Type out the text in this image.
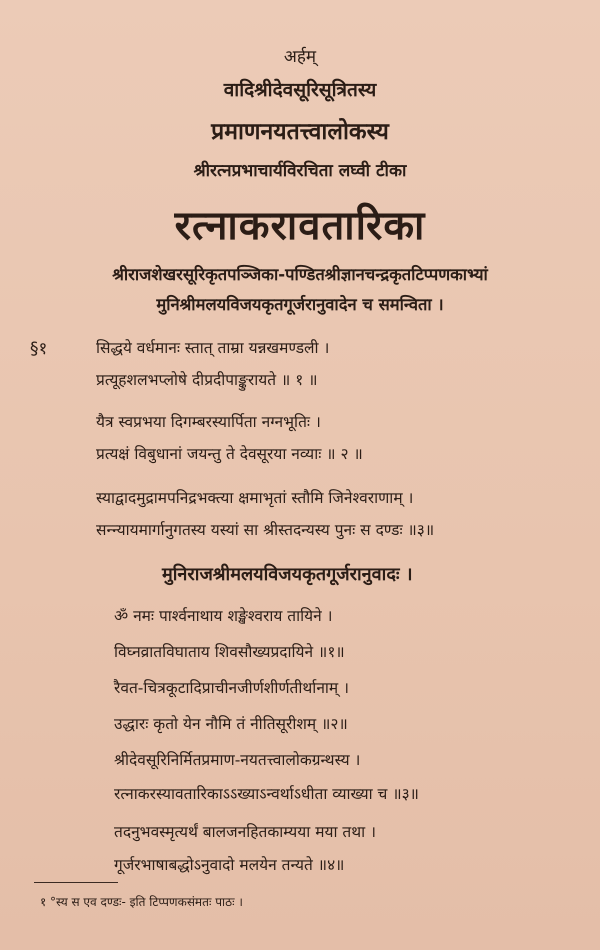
अर्हम्
वादिश्रीदेवसूरिसूत्रितस्य
प्रमाणनयतत्त्वालोकस्य
श्रीरत्नप्रभाचार्यविरचिता लघ्वी टीका
रत्नाकरावतारिका
श्रीराजशेखरसूरिकृतपञ्जिका-पण्डितश्रीज्ञानचन्द्रकृतटिप्पणकाभ्यां
मुनिश्रीमलयविजयकृतगूर्जरानुवादेन च समन्विता ।
§१	सिद्धये वर्धमानः स्तात् ताम्रा यन्नखमण्डली ।
प्रत्यूहशलभप्लोषे दीप्रदीपाङ्कुरायते ॥ १ ॥
यैत्र स्वप्रभया दिगम्बरस्यार्पिता नग्नभूतिः ।
प्रत्यक्षं विबुधानां जयन्तु ते देवसूरया नव्याः ॥ २ ॥
स्याद्वादमुद्रामपनिद्रभक्त्या क्षमाभृतां स्तौमि जिनेश्वराणाम् ।
सन्न्यायमार्गानुगतस्य यस्यां सा श्रीस्तदन्यस्य पुनः स दण्डः ॥३॥
मुनिराजश्रीमलयविजयकृतगूर्जरानुवादः ।
ॐ नमः पार्श्वनाथाय शङ्खेश्वराय तायिने ।
विघ्नव्रातविघाताय शिवसौख्यप्रदायिने ॥१॥
रैवत-चित्रकूटादिप्राचीनजीर्णशीर्णतीर्थानाम् ।
उद्धारः कृतो येन नौमि तं नीतिसूरीशम् ॥२॥
श्रीदेवसूरिनिर्मितप्रमाण-नयतत्त्वालोकग्रन्थस्य ।
रत्नाकरस्यावतारिकाऽऽख्याऽन्वर्थाऽधीता व्याख्या च ॥३॥
तदनुभवस्मृत्यर्थं बालजनहितकाम्यया मया तथा ।
गूर्जरभाषाबद्धोऽनुवादो मलयेन तन्यते ॥४॥
१ °स्य स एव दण्डः- इति टिप्पणकसंमतः पाठः ।
